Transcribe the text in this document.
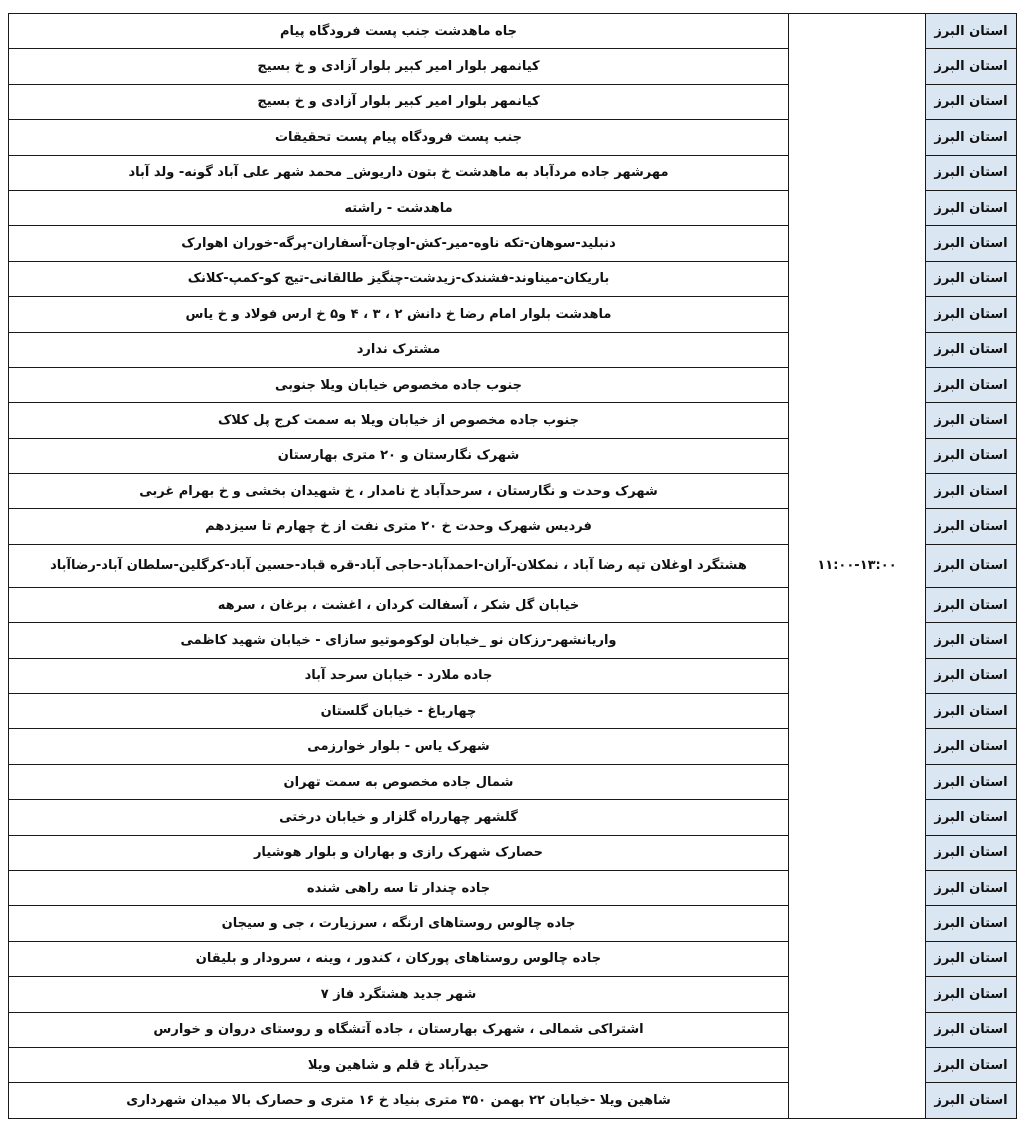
استان البرز	۱۱:۰۰-۱۳:۰۰	جاه ماهدشت جنب پست فرودگاه پیام
استان البرز		کیانمهر بلوار امیر کبیر بلوار آزادی و خ بسیج
استان البرز		کیانمهر بلوار امیر کبیر بلوار آزادی و خ بسیج
استان البرز		جنب پست فرودگاه پیام پست تحقیقات
استان البرز		مهرشهر جاده مردآباد به ماهدشت خ بتون داریوش_ محمد شهر علی آباد گونه- ولد آباد
استان البرز		ماهدشت - راشته
استان البرز		دنبلید-سوهان-تکه ناوه-میر-کش-اوچان-آسفاران-پرگه-خوران اهوارک
استان البرز		باریکان-میناوند-فشندک-زیدشت-چنگیز طالقانی-تیج کو-کمپ-کلانک
استان البرز		ماهدشت بلوار امام رضا خ دانش ۲ ، ۳ ، ۴ و۵ خ ارس فولاد و خ یاس
استان البرز		مشترک ندارد
استان البرز		جنوب جاده مخصوص خیابان ویلا جنوبی
استان البرز		جنوب جاده مخصوص از خیابان ویلا به سمت کرج پل کلاک
استان البرز		شهرک نگارستان و ۲۰ متری بهارستان
استان البرز		شهرک وحدت و نگارستان ، سرحدآباد خ نامدار ، خ شهیدان بخشی و خ بهرام غربی
استان البرز		فردیس شهرک وحدت خ ۲۰ متری نفت از خ چهارم تا سیزدهم
استان البرز		هشتگرد اوغلان تپه رضا آباد ، نمکلان-آران-احمدآباد-حاجی آباد-قره قباد-حسین آباد-کرگلین-سلطان آباد-رضاآباد
استان البرز		خیابان گل شکر ، آسفالت کردان ، اغشت ، برغان ، سرهه
استان البرز		واریانشهر-رزکان نو _خیابان لوکوموتیو سازای - خیابان شهید کاظمی
استان البرز		جاده ملارد - خیابان سرحد آباد
استان البرز		چهارباغ - خیابان گلستان
استان البرز		شهرک یاس - بلوار خوارزمی
استان البرز		شمال جاده مخصوص به سمت تهران
استان البرز		گلشهر چهارراه گلزار و خیابان درختی
استان البرز		حصارک شهرک رازی و بهاران و بلوار هوشیار
استان البرز		جاده چندار تا سه راهی شنده
استان البرز		جاده چالوس روستاهای ارنگه ، سرزیارت ، جی و سیجان
استان البرز		جاده چالوس روستاهای پورکان ، کندور ، وینه ، سرودار و بلیقان
استان البرز		شهر جدید هشتگرد فاز ۷
استان البرز		اشتراکی شمالی ، شهرک بهارستان ، جاده آتشگاه و روستای دروان و خوارس
استان البرز		حیدرآباد خ قلم و شاهین ویلا
استان البرز		شاهین ویلا -خیابان ۲۲ بهمن ۳۵۰ متری بنیاد خ ۱۶ متری و حصارک بالا میدان شهرداری
